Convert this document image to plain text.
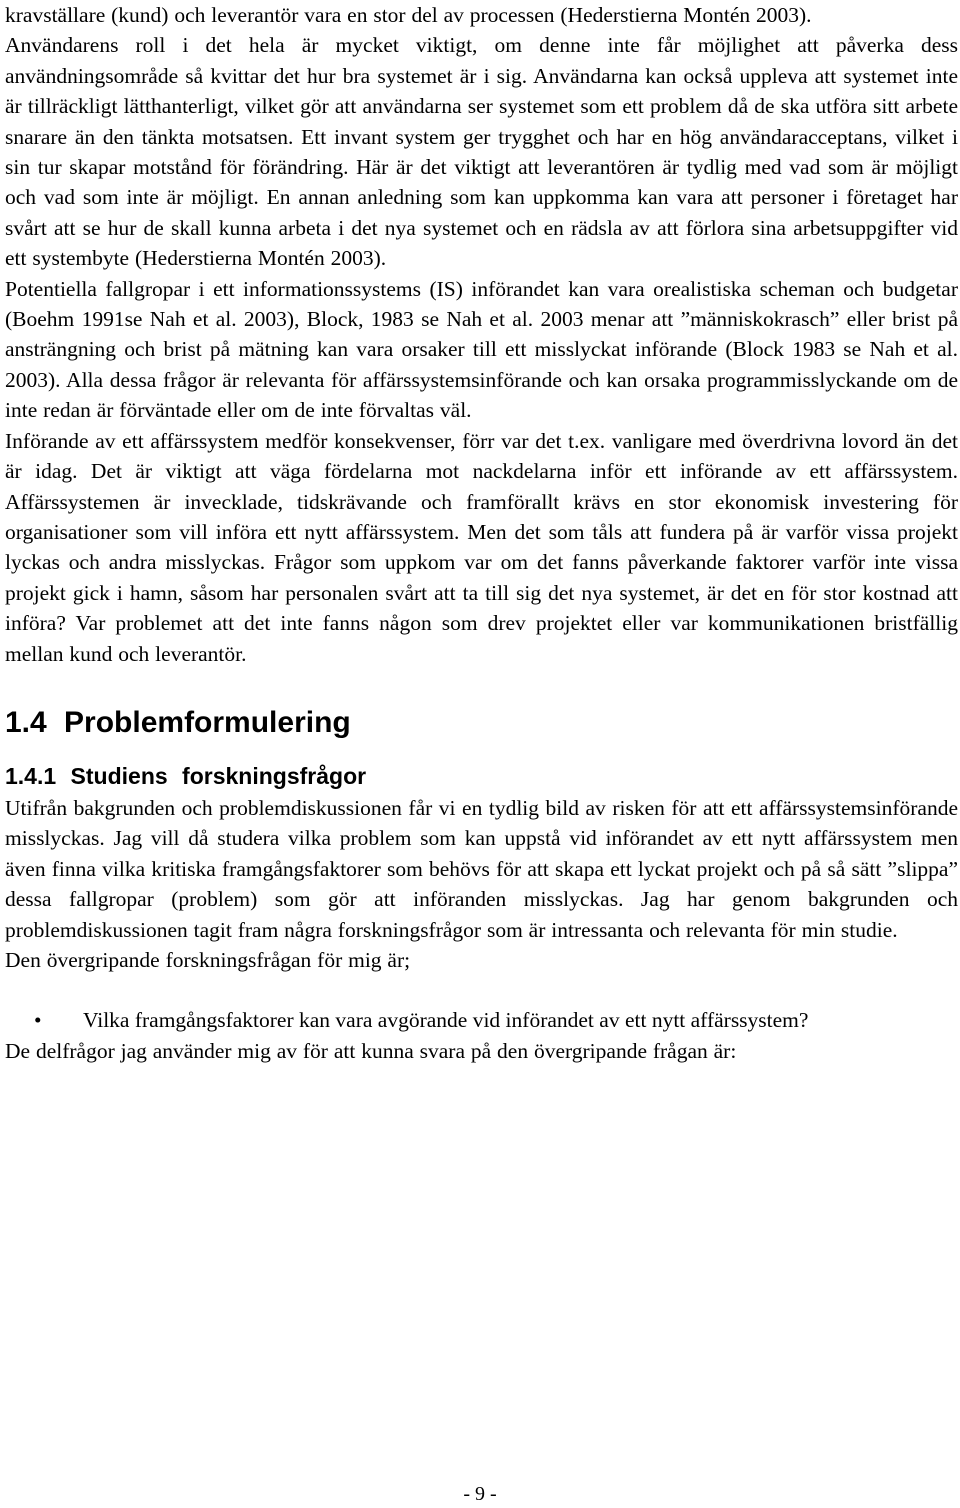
kravställare (kund) och leverantör vara en stor del av processen (Hederstierna Montén 2003).

Användarens roll i det hela är mycket viktigt, om denne inte får möjlighet att påverka dess användningsområde så kvittar det hur bra systemet är i sig. Användarna kan också uppleva att systemet inte är tillräckligt lätthanterligt, vilket gör att användarna ser systemet som ett problem då de ska utföra sitt arbete snarare än den tänkta motsatsen. Ett invant system ger trygghet och har en hög användaracceptans, vilket i sin tur skapar motstånd för förändring. Här är det viktigt att leverantören är tydlig med vad som är möjligt och vad som inte är möjligt. En annan anledning som kan uppkomma kan vara att personer i företaget har svårt att se hur de skall kunna arbeta i det nya systemet och en rädsla av att förlora sina arbetsuppgifter vid ett systembyte (Hederstierna Montén 2003).

Potentiella fallgropar i ett informationssystems (IS) införandet kan vara orealistiska scheman och budgetar (Boehm 1991se Nah et al. 2003), Block, 1983 se Nah et al. 2003 menar att ”människokrasch” eller brist på ansträngning och brist på mätning kan vara orsaker till ett misslyckat införande (Block 1983 se Nah et al. 2003). Alla dessa frågor är relevanta för affärssystemsinförande och kan orsaka programmisslyckande om de inte redan är förväntade eller om de inte förvaltas väl.

Införande av ett affärssystem medför konsekvenser, förr var det t.ex. vanligare med överdrivna lovord än det är idag. Det är viktigt att väga fördelarna mot nackdelarna inför ett införande av ett affärssystem. Affärssystemen är invecklade, tidskrävande och framförallt krävs en stor ekonomisk investering för organisationer som vill införa ett nytt affärssystem. Men det som tåls att fundera på är varför vissa projekt lyckas och andra misslyckas. Frågor som uppkom var om det fanns påverkande faktorer varför inte vissa projekt gick i hamn, såsom har personalen svårt att ta till sig det nya systemet, är det en för stor kostnad att införa? Var problemet att det inte fanns någon som drev projektet eller var kommunikationen bristfällig mellan kund och leverantör.

1.4 Problemformulering
1.4.1 Studiens forskningsfrågor

Utifrån bakgrunden och problemdiskussionen får vi en tydlig bild av risken för att ett affärssystemsinförande misslyckas. Jag vill då studera vilka problem som kan uppstå vid införandet av ett nytt affärssystem men även finna vilka kritiska framgångsfaktorer som behövs för att skapa ett lyckat projekt och på så sätt ”slippa” dessa fallgropar (problem) som gör att införanden misslyckas. Jag har genom bakgrunden och problemdiskussionen tagit fram några forskningsfrågor som är intressanta och relevanta för min studie.

Den övergripande forskningsfrågan för mig är;

• Vilka framgångsfaktorer kan vara avgörande vid införandet av ett nytt affärssystem?

De delfrågor jag använder mig av för att kunna svara på den övergripande frågan är:

- 9 -
